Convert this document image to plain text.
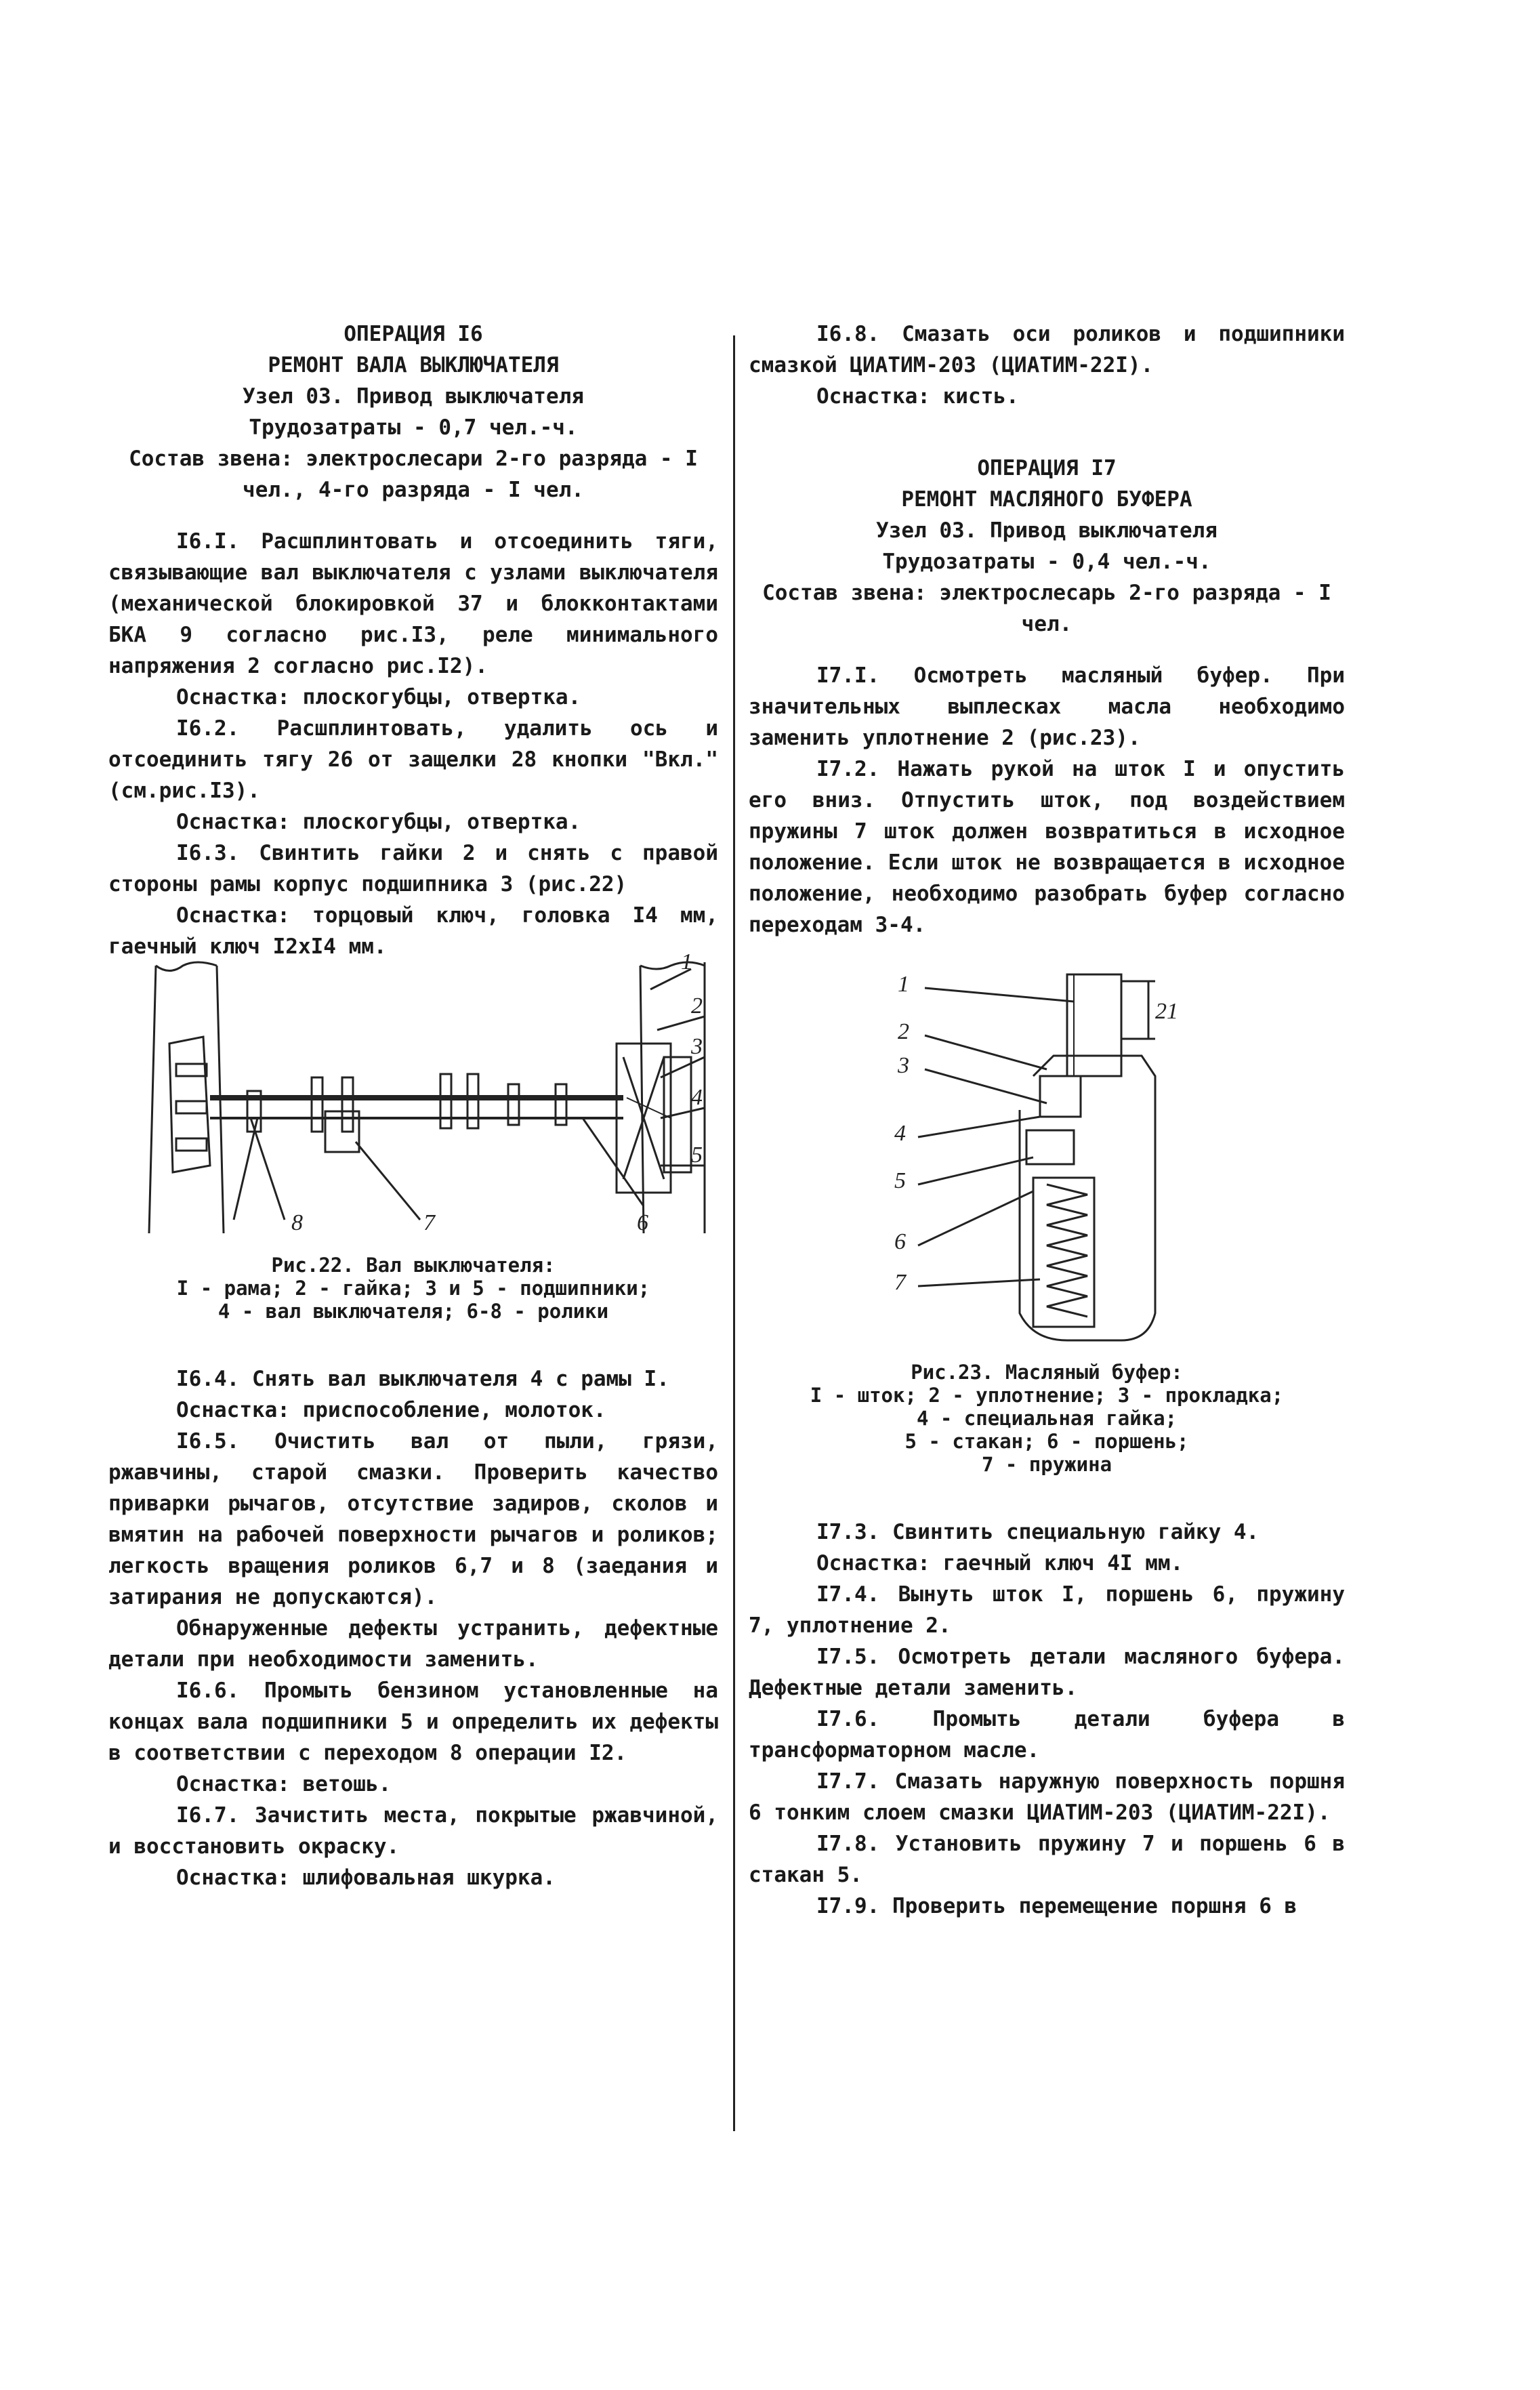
ОПЕРАЦИЯ I6

РЕМОНТ ВАЛА ВЫКЛЮЧАТЕЛЯ

Узел 03. Привод выключателя

Трудозатраты - 0,7 чел.-ч.

Состав звена: электрослесари 2-го разряда - I чел., 4-го разряда - I чел.

I6.I. Расшплинтовать и отсоединить тяги, связывающие вал выключателя с узлами выключателя (механической блокировкой 37 и блокконтактами БКА 9 согласно рис.I3, реле минимального напряжения 2 согласно рис.I2).

Оснастка: плоскогубцы, отвертка.

I6.2. Расшплинтовать, удалить ось и отсоединить тягу 26 от защелки 28 кнопки "Вкл." (см.рис.I3).

Оснастка: плоскогубцы, отвертка.

I6.3. Свинтить гайки 2 и снять с правой стороны рамы корпус подшипника 3 (рис.22)

Оснастка: торцовый ключ, головка I4 мм, гаечный ключ I2xI4 мм.

1
2
3
4
5
6
7
8

Рис.22. Вал выключателя:

I - рама; 2 - гайка; 3 и 5 - подшипники;

4 - вал выключателя; 6-8 - ролики

I6.4. Снять вал выключателя 4 с рамы I.

Оснастка: приспособление, молоток.

I6.5. Очистить вал от пыли, грязи, ржавчины, старой смазки. Проверить качество приварки рычагов, отсутствие задиров, сколов и вмятин на рабочей поверхности рычагов и роликов; легкость вращения роликов 6,7 и 8 (заедания и затирания не допускаются).

Обнаруженные дефекты устранить, дефектные детали при необходимости заменить.

I6.6. Промыть бензином установленные на концах вала подшипники 5 и определить их дефекты в соответствии с переходом 8 операции I2.

Оснастка: ветошь.

I6.7. Зачистить места, покрытые ржавчиной, и восстановить окраску.

Оснастка: шлифовальная шкурка.

I6.8. Смазать оси роликов и подшипники смазкой ЦИАТИМ-203 (ЦИАТИМ-22I).

Оснастка: кисть.

ОПЕРАЦИЯ I7

РЕМОНТ МАСЛЯНОГО БУФЕРА

Узел 03. Привод выключателя

Трудозатраты - 0,4 чел.-ч.

Состав звена: электрослесарь 2-го разряда - I чел.

I7.I. Осмотреть масляный буфер. При значительных выплесках масла необходимо заменить уплотнение 2 (рис.23).

I7.2. Нажать рукой на шток I и опустить его вниз. Отпустить шток, под воздействием пружины 7 шток должен возвратиться в исходное положение. Если шток не возвращается в исходное положение, необходимо разобрать буфер согласно переходам 3-4.

1
2
3
4
5
6
7
21

Рис.23. Масляный буфер:

I - шток; 2 - уплотнение; 3 - прокладка;

4 - специальная гайка;

5 - стакан; 6 - поршень;

7 - пружина

I7.3. Свинтить специальную гайку 4.

Оснастка: гаечный ключ 4I мм.

I7.4. Вынуть шток I, поршень 6, пружину 7, уплотнение 2.

I7.5. Осмотреть детали масляного буфера. Дефектные детали заменить.

I7.6. Промыть детали буфера в трансформаторном масле.

I7.7. Смазать наружную поверхность поршня 6 тонким слоем смазки ЦИАТИМ-203 (ЦИАТИМ-22I).

I7.8. Установить пружину 7 и поршень 6 в стакан 5.

I7.9. Проверить перемещение поршня 6 в
